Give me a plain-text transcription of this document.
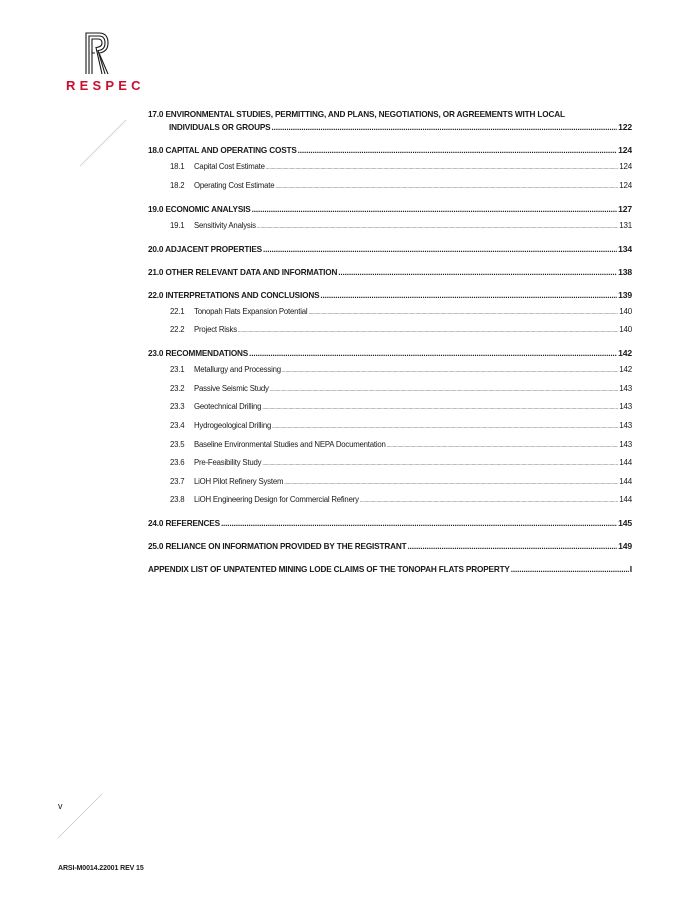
RESPEC
17.0 ENVIRONMENTAL STUDIES, PERMITTING, AND PLANS, NEGOTIATIONS, OR AGREEMENTS WITH LOCAL
INDIVIDUALS OR GROUPS .....	122
18.0 CAPITAL AND OPERATING COSTS .....	124
18.1 Capital Cost Estimate .....	124
18.2 Operating Cost Estimate .....	124
19.0 ECONOMIC ANALYSIS .....	127
19.1 Sensitivity Analysis .....	131
20.0 ADJACENT PROPERTIES .....	134
21.0 OTHER RELEVANT DATA AND INFORMATION .....	138
22.0 INTERPRETATIONS AND CONCLUSIONS .....	139
22.1 Tonopah Flats Expansion Potential .....	140
22.2 Project Risks .....	140
23.0 RECOMMENDATIONS .....	142
23.1 Metallurgy and Processing .....	142
23.2 Passive Seismic Study .....	143
23.3 Geotechnical Drilling .....	143
23.4 Hydrogeological Drilling .....	143
23.5 Baseline Environmental Studies and NEPA Documentation .....	143
23.6 Pre-Feasibility Study .....	144
23.7 LiOH Pilot Refinery System .....	144
23.8 LiOH Engineering Design for Commercial Refinery .....	144
24.0 REFERENCES .....	145
25.0 RELIANCE ON INFORMATION PROVIDED BY THE REGISTRANT .....	149
APPENDIX LIST OF UNPATENTED MINING LODE CLAIMS OF THE TONOPAH FLATS PROPERTY .....	I
v
ARSI-M0014.22001 REV 15
